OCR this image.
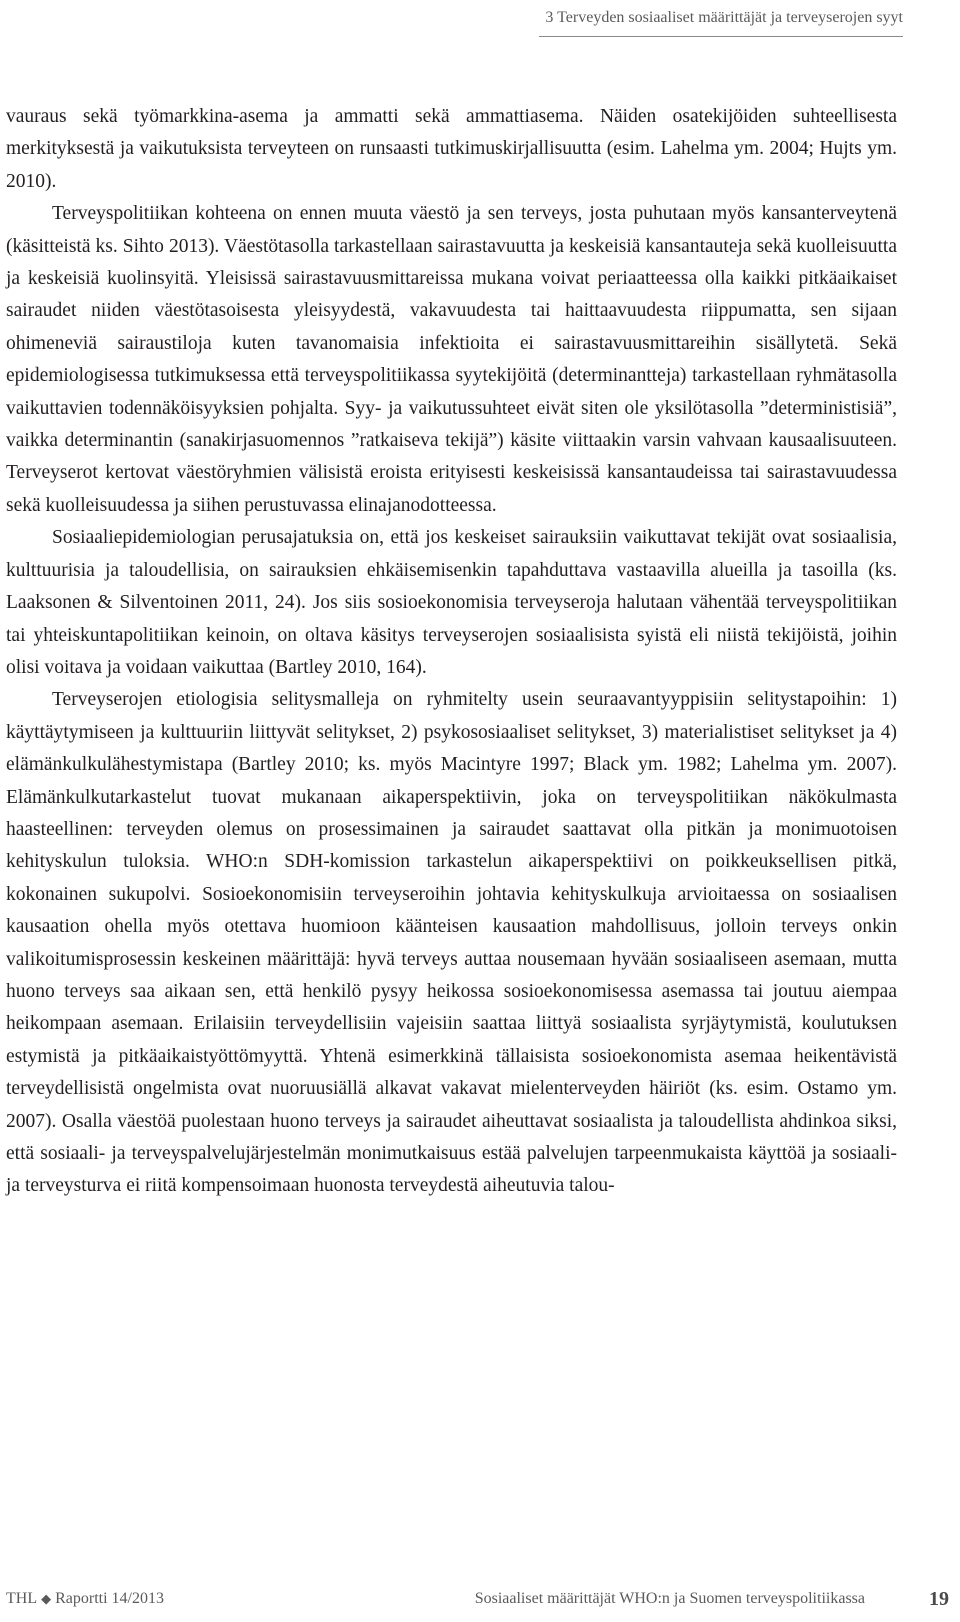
3 Terveyden sosiaaliset määrittäjät ja terveyserojen syyt

vauraus sekä työmarkkina-asema ja ammatti sekä ammattiasema. Näiden osatekijöiden suhteellisesta merkityksestä ja vaikutuksista terveyteen on runsaasti tutkimuskirjallisuutta (esim. Lahelma ym. 2004; Hujts ym. 2010).

Terveyspolitiikan kohteena on ennen muuta väestö ja sen terveys, josta puhutaan myös kansanterveytenä (käsitteistä ks. Sihto 2013). Väestötasolla tarkastellaan sairastavuutta ja keskeisiä kansantauteja sekä kuolleisuutta ja keskeisiä kuolinsyitä. Yleisissä sairastavuusmittareissa mukana voivat periaatteessa olla kaikki pitkäaikaiset sairaudet niiden väestötasoisesta yleisyydestä, vakavuudesta tai haittaavuudesta riippumatta, sen sijaan ohimeneviä sairaustiloja kuten tavanomaisia infektioita ei sairastavuusmittareihin sisällytetä. Sekä epidemiologisessa tutkimuksessa että terveyspolitiikassa syytekijöitä (determinantteja) tarkastellaan ryhmätasolla vaikuttavien todennäköisyyksien pohjalta. Syy- ja vaikutussuhteet eivät siten ole yksilötasolla ”deterministisiä”, vaikka determinantin (sanakirjasuomennos ”ratkaiseva tekijä”) käsite viittaakin varsin vahvaan kausaalisuuteen. Terveyserot kertovat väestöryhmien välisistä eroista erityisesti keskeisissä kansantaudeissa tai sairastavuudessa sekä kuolleisuudessa ja siihen perustuvassa elinajanodotteessa.

Sosiaaliepidemiologian perusajatuksia on, että jos keskeiset sairauksiin vaikuttavat tekijät ovat sosiaalisia, kulttuurisia ja taloudellisia, on sairauksien ehkäisemisenkin tapahduttava vastaavilla alueilla ja tasoilla (ks. Laaksonen & Silventoinen 2011, 24). Jos siis sosioekonomisia terveyseroja halutaan vähentää terveyspolitiikan tai yhteiskuntapolitiikan keinoin, on oltava käsitys terveyserojen sosiaalisista syistä eli niistä tekijöistä, joihin olisi voitava ja voidaan vaikuttaa (Bartley 2010, 164).

Terveyserojen etiologisia selitysmalleja on ryhmitelty usein seuraavantyyppisiin selitystapoihin: 1) käyttäytymiseen ja kulttuuriin liittyvät selitykset, 2) psykososiaaliset selitykset, 3) materialistiset selitykset ja 4) elämänkulkulähestymistapa (Bartley 2010; ks. myös Macintyre 1997; Black ym. 1982; Lahelma ym. 2007). Elämänkulkutarkastelut tuovat mukanaan aikaperspektiivin, joka on terveyspolitiikan näkökulmasta haasteellinen: terveyden olemus on prosessimainen ja sairaudet saattavat olla pitkän ja monimuotoisen kehityskulun tuloksia. WHO:n SDH-komission tarkastelun aikaperspektiivi on poikkeuksellisen pitkä, kokonainen sukupolvi. Sosioekonomisiin terveyseroihin johtavia kehityskulkuja arvioitaessa on sosiaalisen kausaation ohella myös otettava huomioon käänteisen kausaation mahdollisuus, jolloin terveys onkin valikoitumisprosessin keskeinen määrittäjä: hyvä terveys auttaa nousemaan hyvään sosiaaliseen asemaan, mutta huono terveys saa aikaan sen, että henkilö pysyy heikossa sosioekonomisessa asemassa tai joutuu aiempaa heikompaan asemaan. Erilaisiin terveydellisiin vajeisiin saattaa liittyä sosiaalista syrjäytymistä, koulutuksen estymistä ja pitkäaikaistyöttömyyttä. Yhtenä esimerkkinä tällaisista sosioekonomista asemaa heikentävistä terveydellisistä ongelmista ovat nuoruusiällä alkavat vakavat mielenterveyden häiriöt (ks. esim. Ostamo ym. 2007). Osalla väestöä puolestaan huono terveys ja sairaudet aiheuttavat sosiaalista ja taloudellista ahdinkoa siksi, että sosiaali- ja terveyspalvelujärjestelmän monimutkaisuus estää palvelujen tarpeenmukaista käyttöä ja sosiaali- ja terveysturva ei riitä kompensoimaan huonosta terveydestä aiheutuvia talou-

THL ◆ Raportti 14/2013	Sosiaaliset määrittäjät WHO:n ja Suomen terveyspolitiikassa	19
